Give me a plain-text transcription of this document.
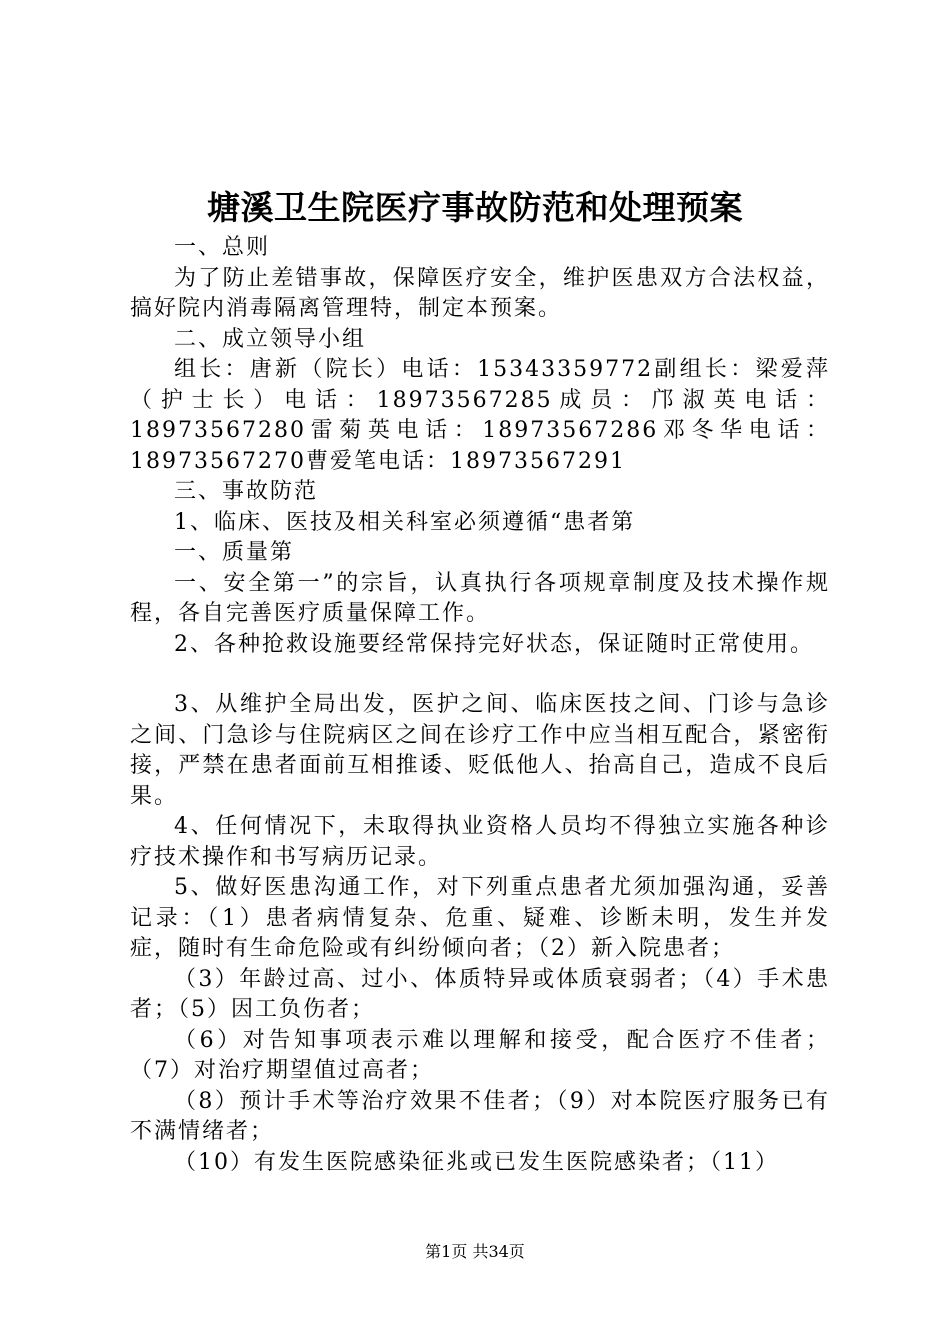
塘溪卫生院医疗事故防范和处理预案

一、总则

为了防止差错事故，保障医疗安全，维护医患双方合法权益，搞好院内消毒隔离管理特，制定本预案。

二、成立领导小组

组长：唐新（院长）电话：15343359772副组长：梁爱萍（护士长）电话：18973567285成员：邝淑英电话：18973567280雷菊英电话：18973567286邓冬华电话：18973567270曹爱笔电话：18973567291

三、事故防范

1、临床、医技及相关科室必须遵循“患者第

一、质量第

一、安全第一”的宗旨，认真执行各项规章制度及技术操作规程，各自完善医疗质量保障工作。

2、各种抢救设施要经常保持完好状态，保证随时正常使用。

3、从维护全局出发，医护之间、临床医技之间、门诊与急诊之间、门急诊与住院病区之间在诊疗工作中应当相互配合，紧密衔接，严禁在患者面前互相推诿、贬低他人、抬高自己，造成不良后果。

4、任何情况下，未取得执业资格人员均不得独立实施各种诊疗技术操作和书写病历记录。

5、做好医患沟通工作，对下列重点患者尤须加强沟通，妥善记录：（1）患者病情复杂、危重、疑难、诊断未明，发生并发症，随时有生命危险或有纠纷倾向者；（2）新入院患者；

（3）年龄过高、过小、体质特异或体质衰弱者；（4）手术患者；（5）因工负伤者；

（6）对告知事项表示难以理解和接受，配合医疗不佳者；（7）对治疗期望值过高者；

（8）预计手术等治疗效果不佳者；（9）对本院医疗服务已有不满情绪者；

（10）有发生医院感染征兆或已发生医院感染者；（11）

第1页 共34页
